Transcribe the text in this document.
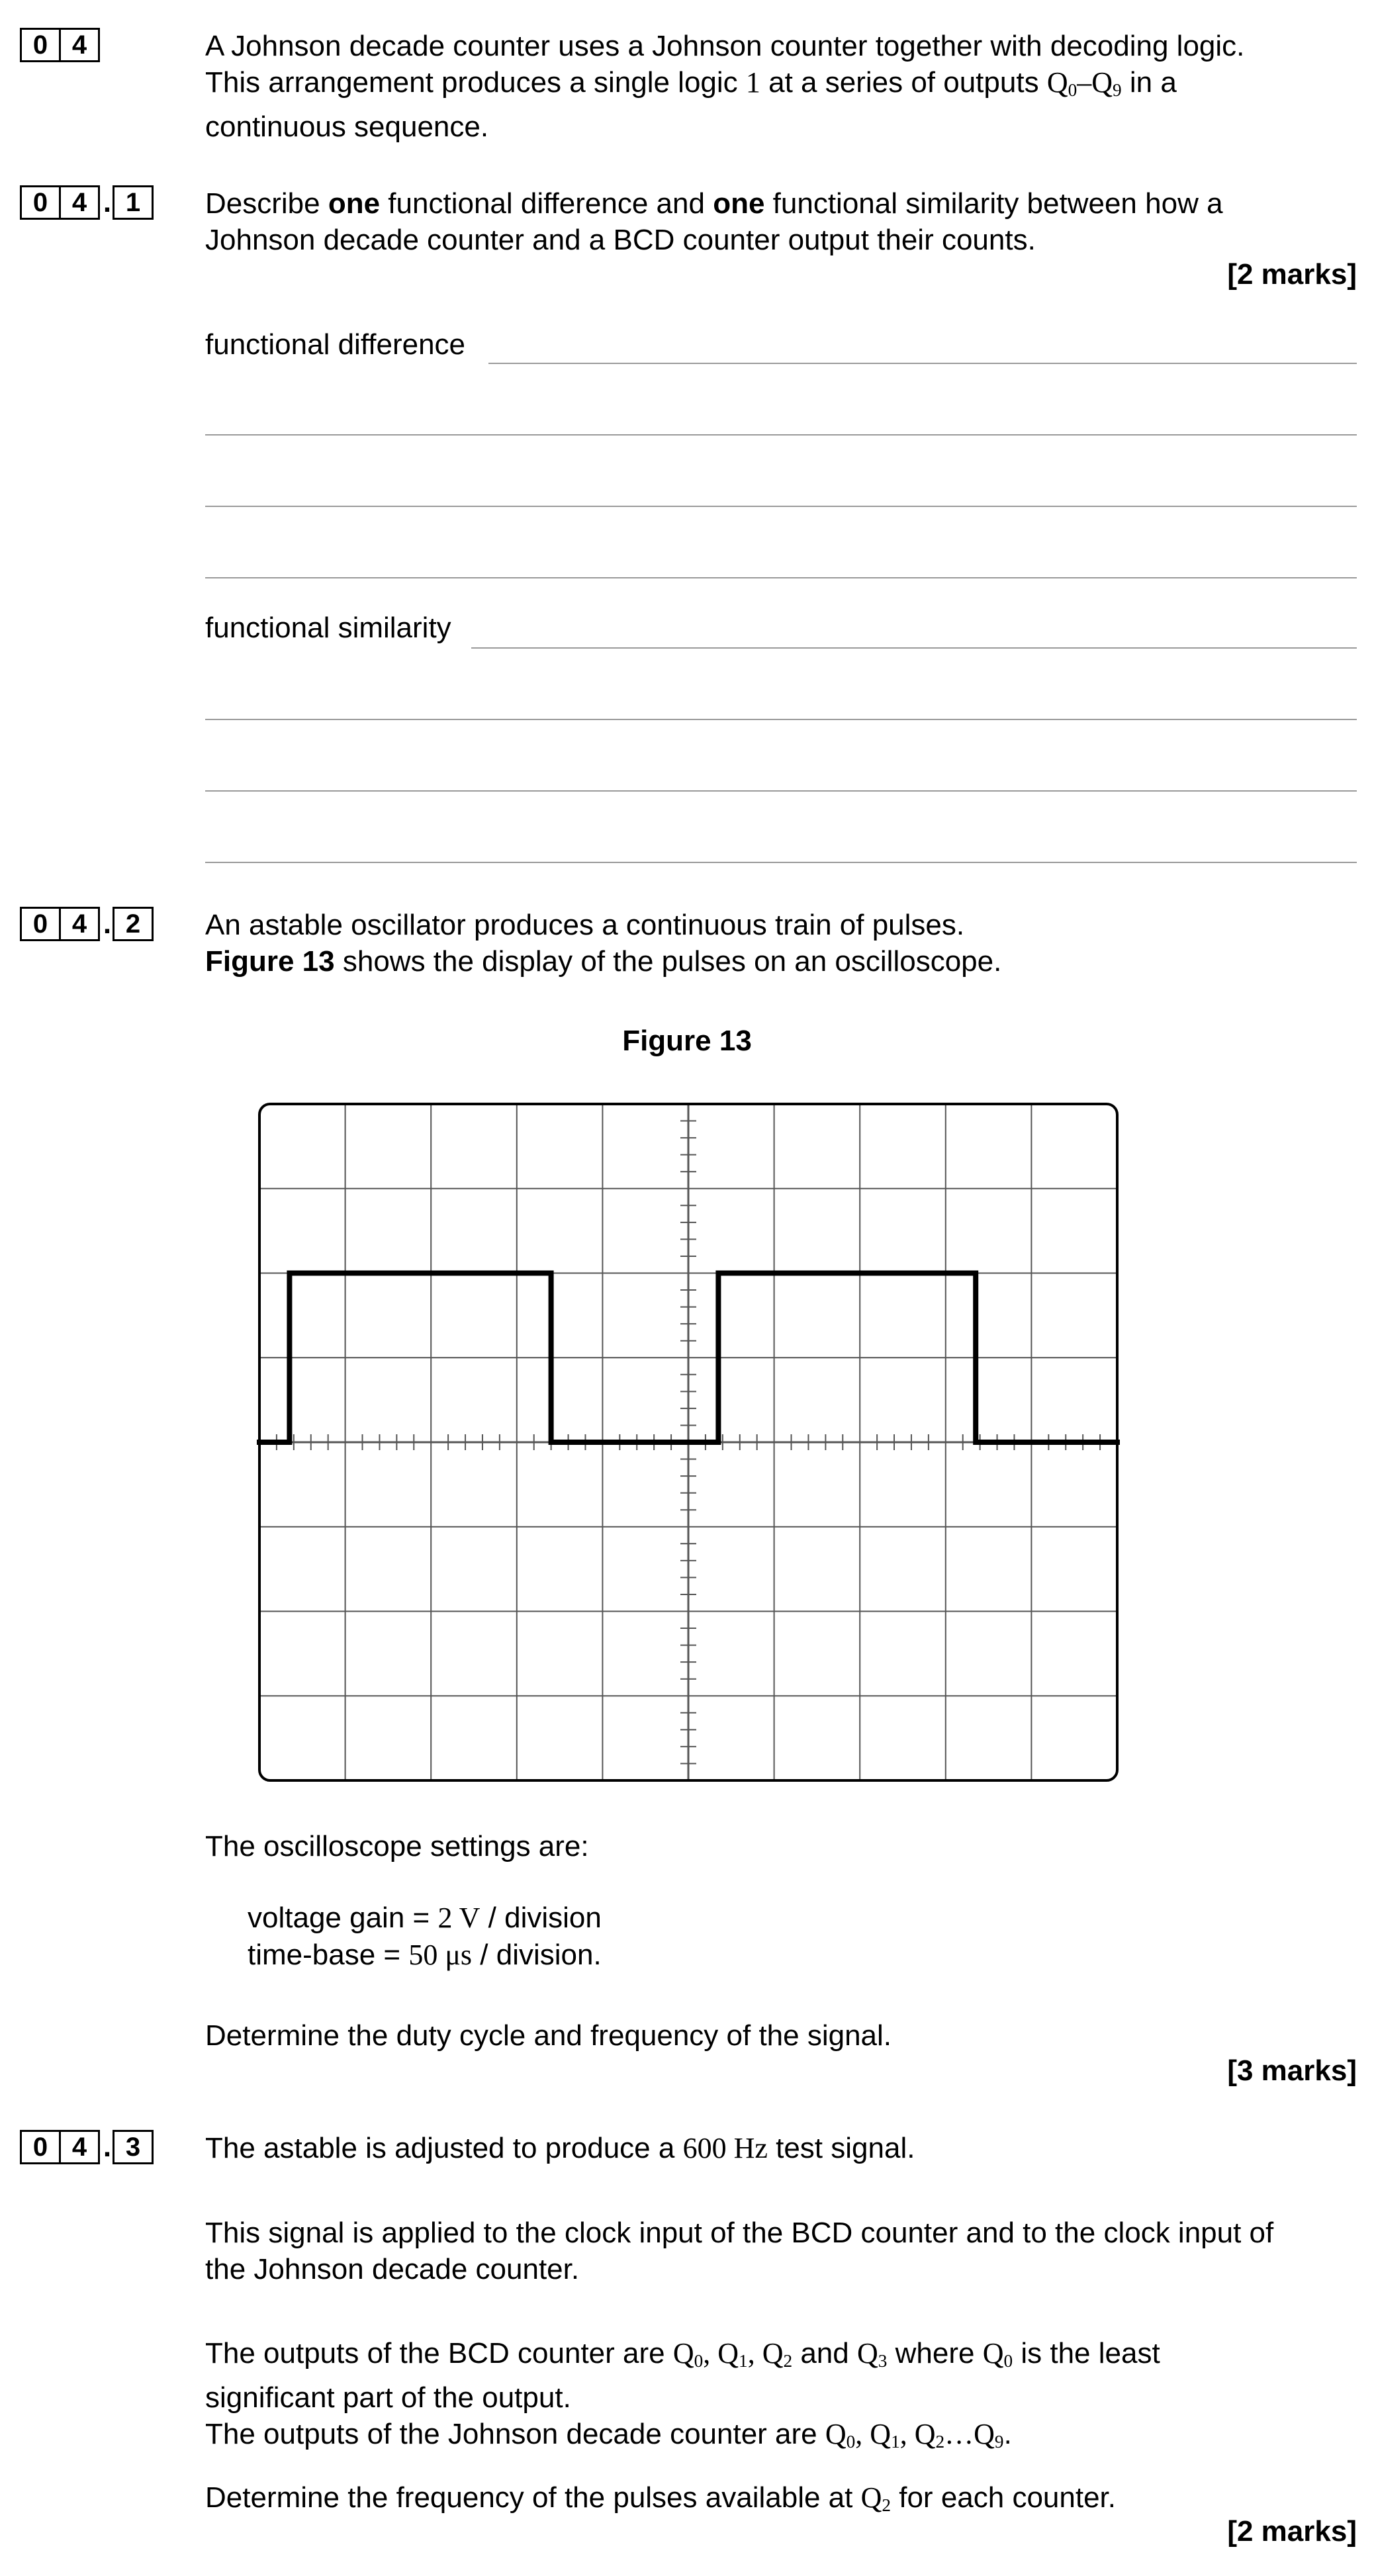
0 4	A Johnson decade counter uses a Johnson counter together with decoding logic.
This arrangement produces a single logic 1 at a series of outputs $Q_0-Q_9$ in a
continuous sequence.
0 4 . 1	Describe one functional difference and one functional similarity between how a
Johnson decade counter and a BCD counter output their counts.
[2 marks]
functional difference
functional similarity
0 4 . 2	An astable oscillator produces a continuous train of pulses.
Figure 13 shows the display of the pulses on an oscilloscope.
Figure 13
The oscilloscope settings are:
voltage gain = 2 V / division
time-base = 50 μs / division.
Determine the duty cycle and frequency of the signal.
[3 marks]
0 4 . 3	The astable is adjusted to produce a 600 Hz test signal.
This signal is applied to the clock input of the BCD counter and to the clock input of
the Johnson decade counter.
The outputs of the BCD counter are $Q_0$, $Q_1$, $Q_2$ and $Q_3$ where $Q_0$ is the least
significant part of the output.
The outputs of the Johnson decade counter are $Q_0$, $Q_1$, $Q_2\dots Q_9$.
Determine the frequency of the pulses available at $Q_2$ for each counter.
[2 marks]
